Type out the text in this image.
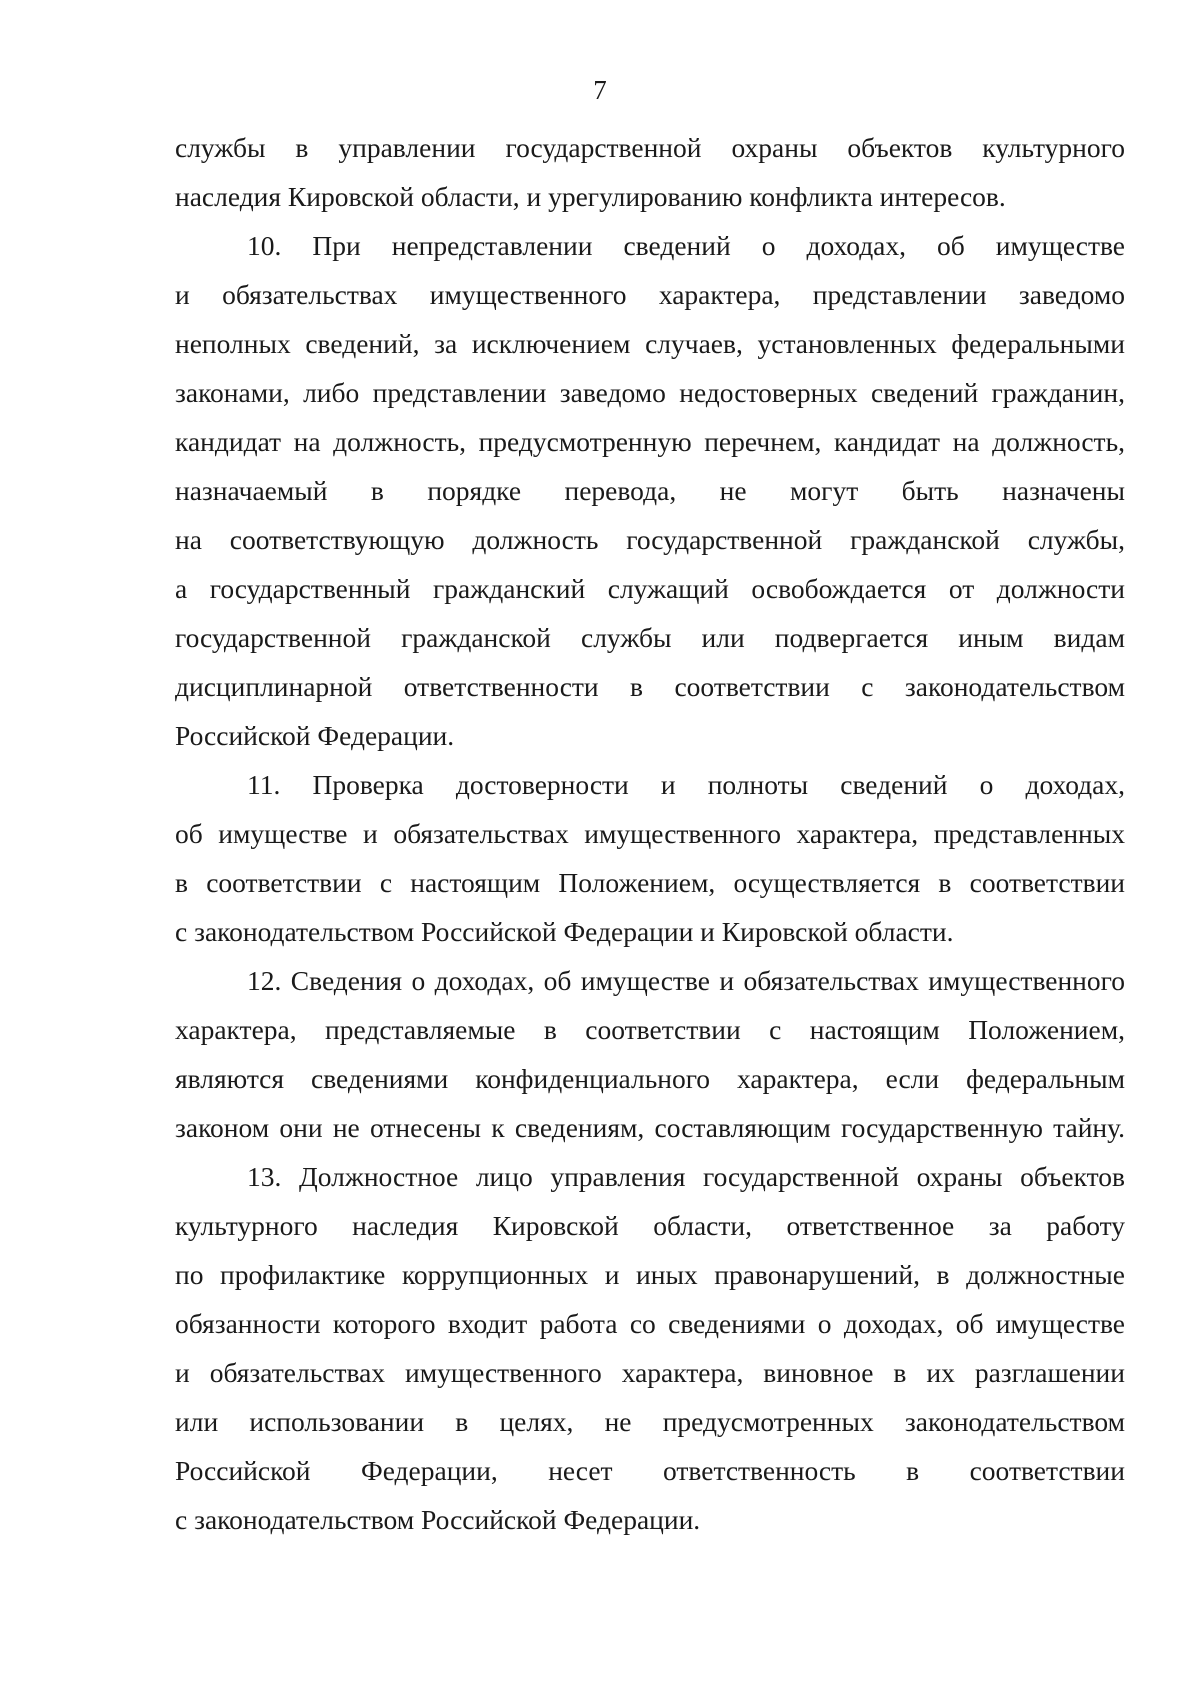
7
службы в управлении государственной охраны объектов культурного
наследия Кировской области, и урегулированию конфликта интересов.
10. При непредставлении сведений о доходах, об имуществе
и обязательствах имущественного характера, представлении заведомо
неполных сведений, за исключением случаев, установленных федеральными
законами, либо представлении заведомо недостоверных сведений гражданин,
кандидат на должность, предусмотренную перечнем, кандидат на должность,
назначаемый в порядке перевода, не могут быть назначены
на соответствующую должность государственной гражданской службы,
а государственный гражданский служащий освобождается от должности
государственной гражданской службы или подвергается иным видам
дисциплинарной ответственности в соответствии с законодательством
Российской Федерации.
11. Проверка достоверности и полноты сведений о доходах,
об имуществе и обязательствах имущественного характера, представленных
в соответствии с настоящим Положением, осуществляется в соответствии
с законодательством Российской Федерации и Кировской области.
12. Сведения о доходах, об имуществе и обязательствах имущественного
характера, представляемые в соответствии с настоящим Положением,
являются сведениями конфиденциального характера, если федеральным
законом они не отнесены к сведениям, составляющим государственную тайну.
13. Должностное лицо управления государственной охраны объектов
культурного наследия Кировской области, ответственное за работу
по профилактике коррупционных и иных правонарушений, в должностные
обязанности которого входит работа со сведениями о доходах, об имуществе
и обязательствах имущественного характера, виновное в их разглашении
или использовании в целях, не предусмотренных законодательством
Российской Федерации, несет ответственность в соответствии
с законодательством Российской Федерации.
